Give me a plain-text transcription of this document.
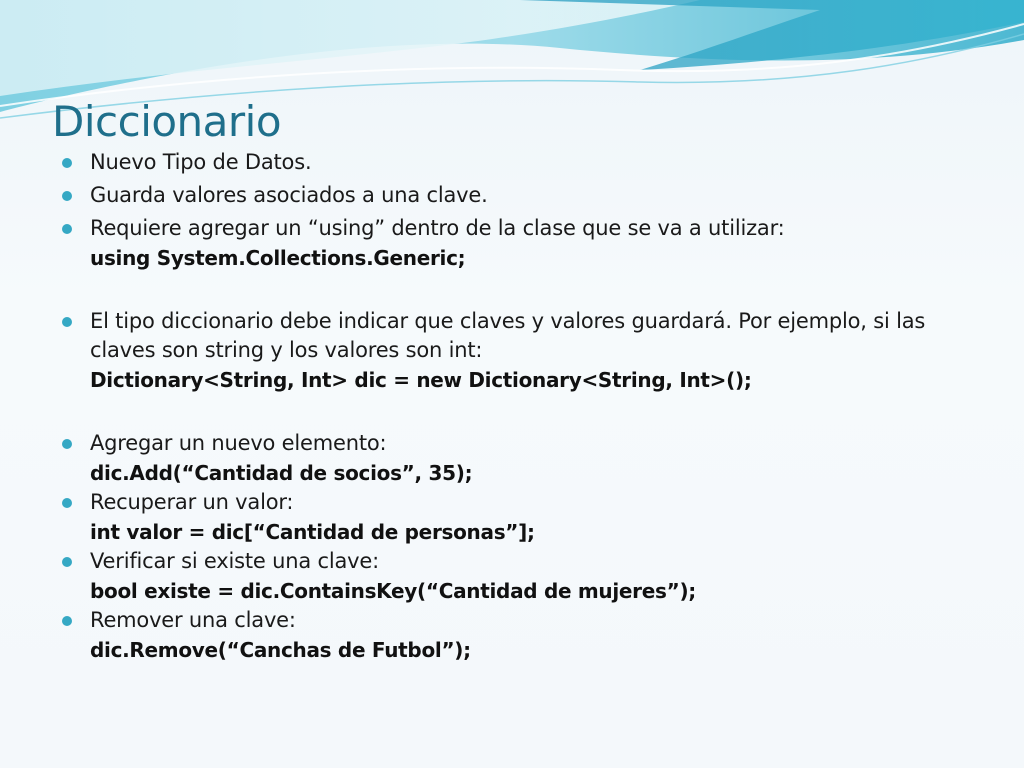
Diccionario
Nuevo Tipo de Datos.
Guarda valores asociados a una clave.
Requiere agregar un “using” dentro de la clase que se va a utilizar:
using System.Collections.Generic;
El tipo diccionario debe indicar que claves y valores guardará. Por ejemplo, si las claves son string y los valores son int:
Dictionary<String, Int> dic = new Dictionary<String, Int>();
Agregar un nuevo elemento:
dic.Add(“Cantidad de socios”, 35);
Recuperar un valor:
int valor = dic[“Cantidad de personas”];
Verificar si existe una clave:
bool existe = dic.ContainsKey(“Cantidad de mujeres”);
Remover una clave:
dic.Remove(“Canchas de Futbol”);
